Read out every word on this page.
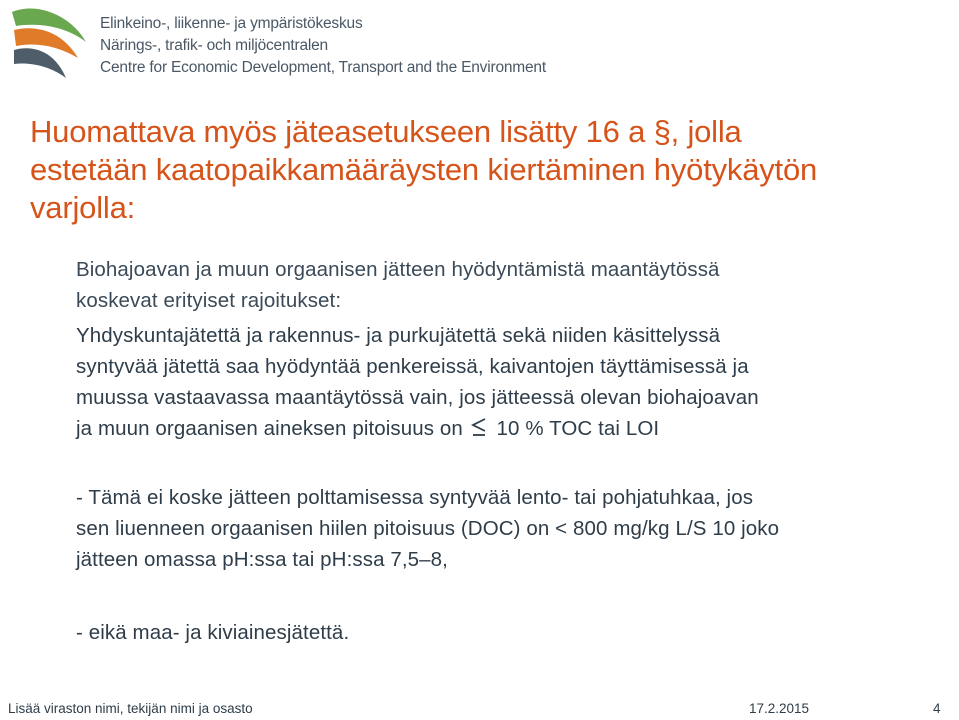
Elinkeino-, liikenne- ja ympäristökeskus
Närings-, trafik- och miljöcentralen
Centre for Economic Development, Transport and the Environment
Huomattava myös jäteasetukseen lisätty 16 a §, jolla
estetään kaatopaikkamääräysten kiertäminen hyötykäytön
varjolla:
Biohajoavan ja muun orgaanisen jätteen hyödyntämistä maantäytössä
koskevat erityiset rajoitukset:
Yhdyskuntajätettä ja rakennus- ja purkujätettä sekä niiden käsittelyssä
syntyvää jätettä saa hyödyntää penkereissä, kaivantojen täyttämisessä ja
muussa vastaavassa maantäytössä vain, jos jätteessä olevan biohajoavan
ja muun orgaanisen aineksen pitoisuus on 10 % TOC tai LOI
- Tämä ei koske jätteen polttamisessa syntyvää lento- tai pohjatuhkaa, jos
sen liuenneen orgaanisen hiilen pitoisuus (DOC) on < 800 mg/kg L/S 10 joko
jätteen omassa pH:ssa tai pH:ssa 7,5–8,
- eikä maa- ja kiviainesjätettä.
Lisää viraston nimi, tekijän nimi ja osasto	17.2.2015	4
